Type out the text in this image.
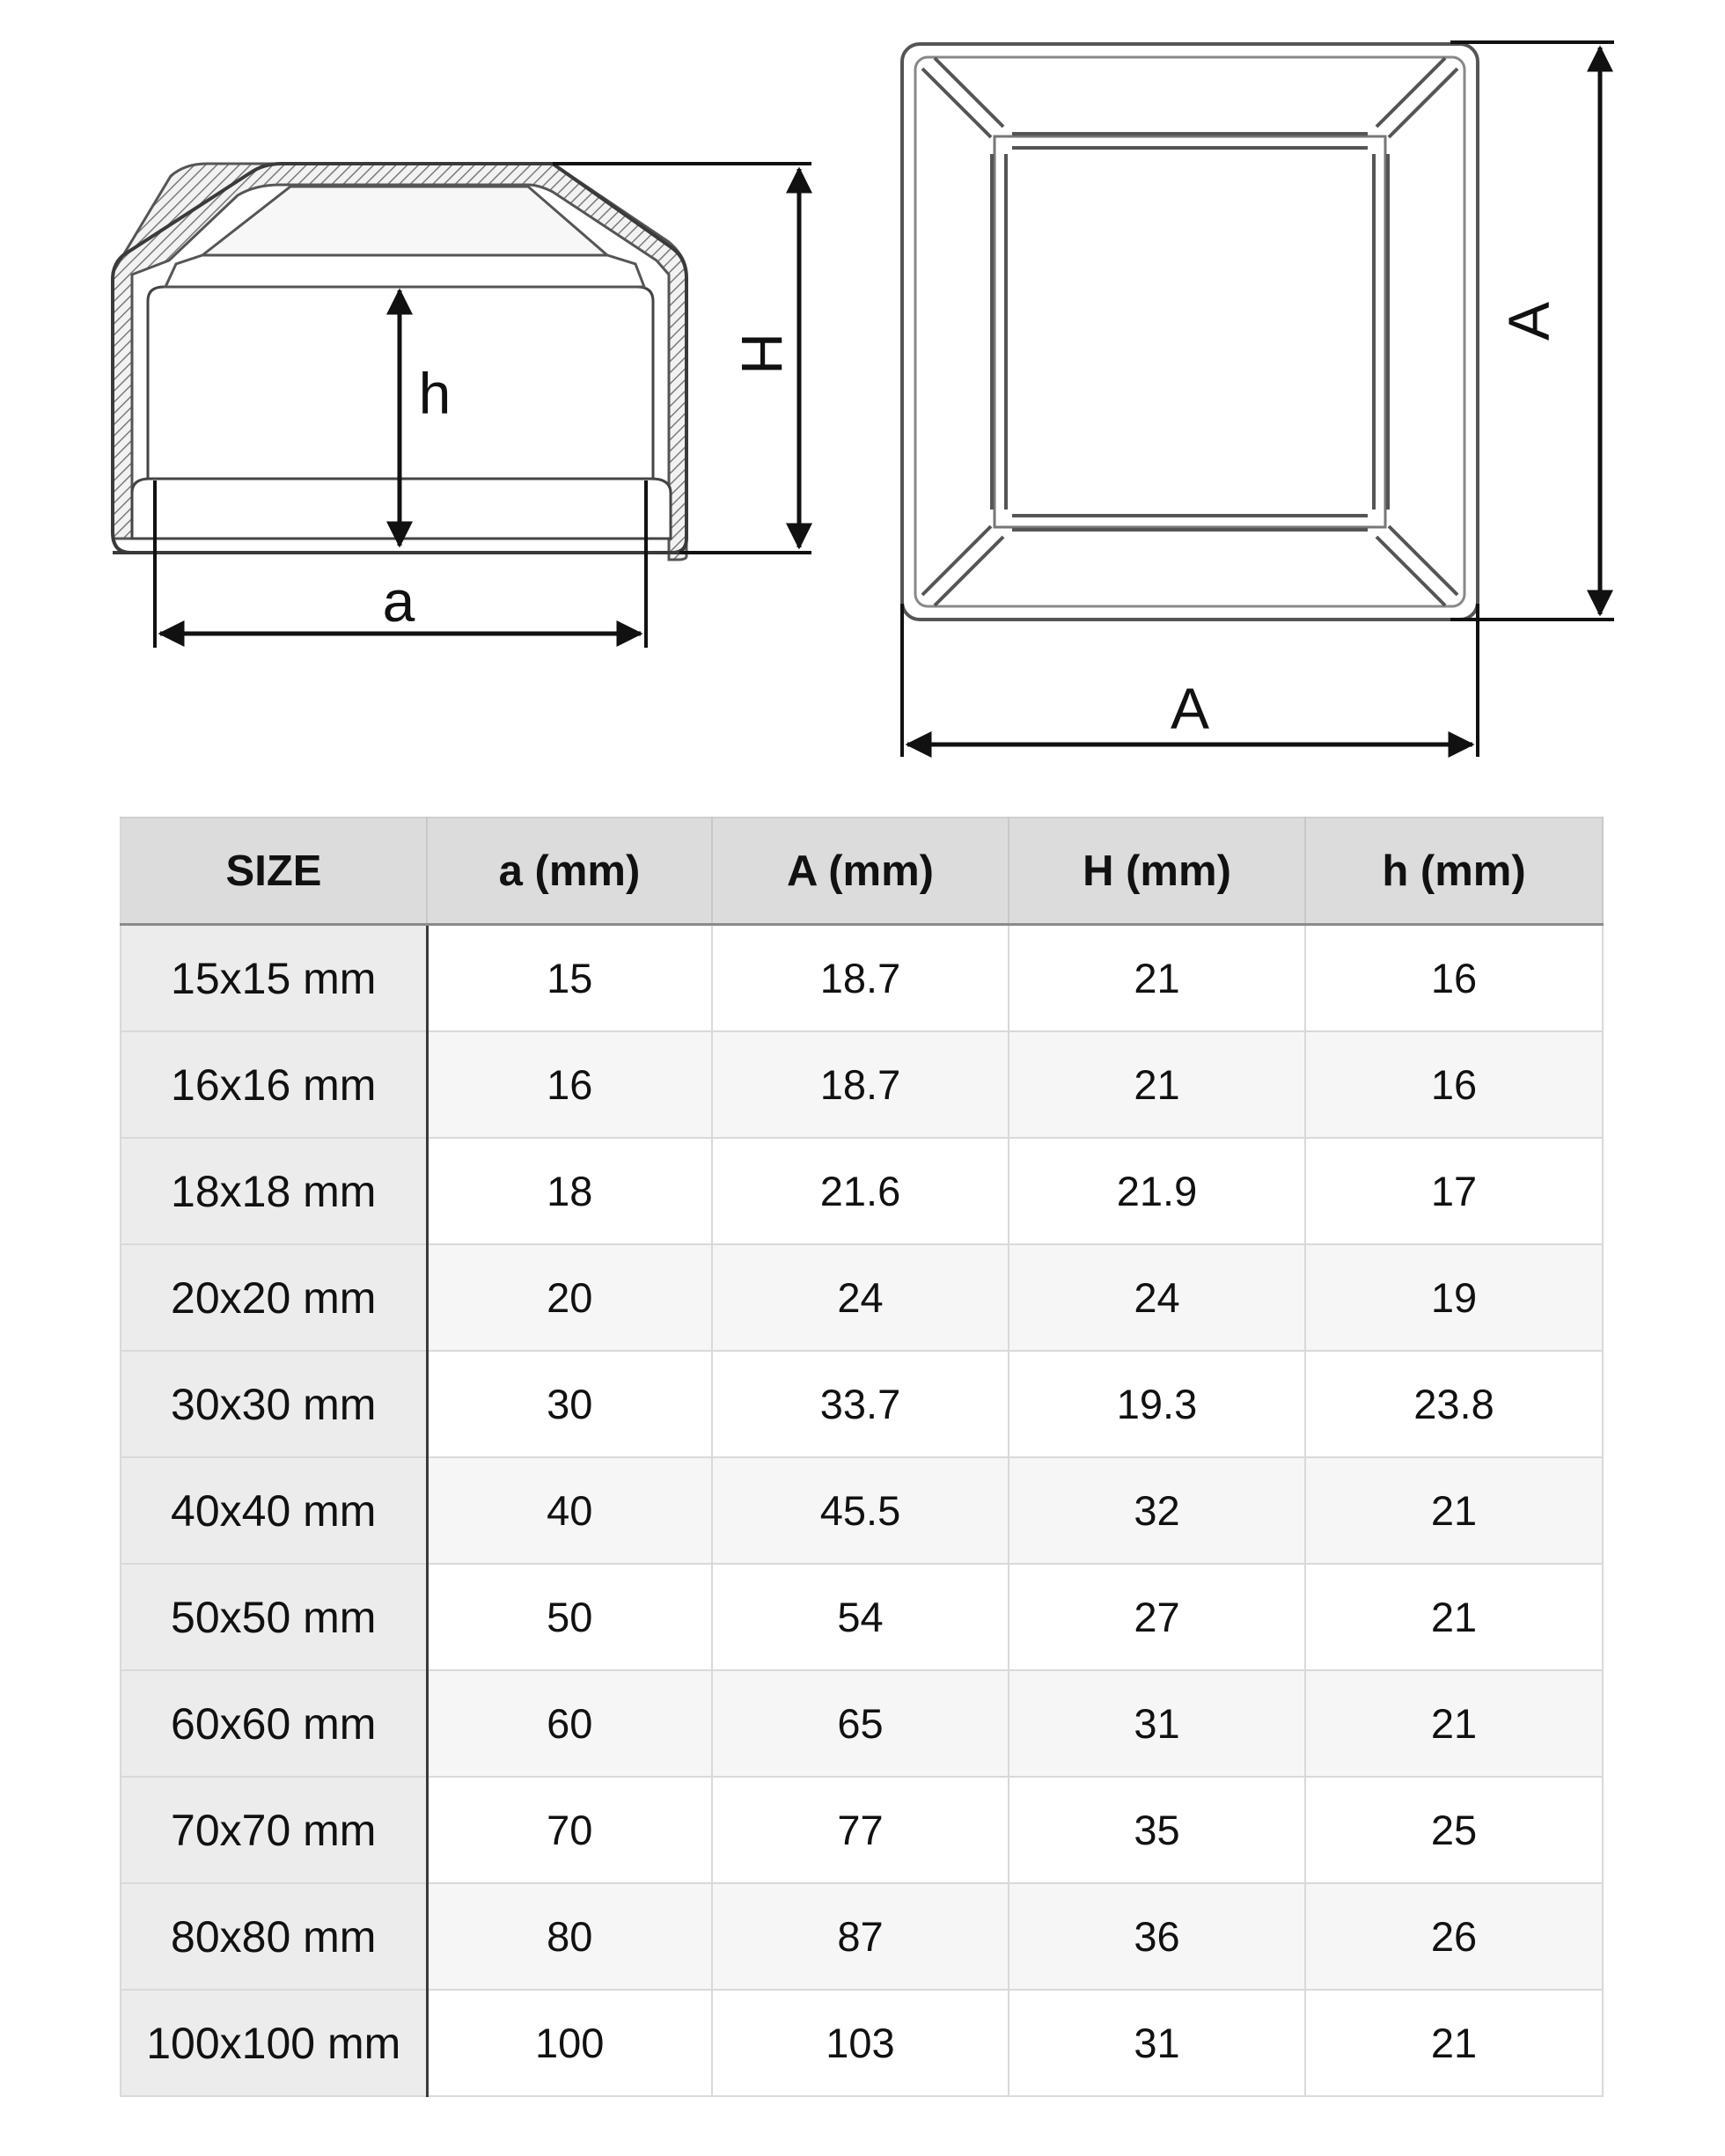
h
H
a
A
A
SIZE	a (mm)	A (mm)	H (mm)	h (mm)
15x15 mm	15	18.7	21	16
16x16 mm	16	18.7	21	16
18x18 mm	18	21.6	21.9	17
20x20 mm	20	24	24	19
30x30 mm	30	33.7	19.3	23.8
40x40 mm	40	45.5	32	21
50x50 mm	50	54	27	21
60x60 mm	60	65	31	21
70x70 mm	70	77	35	25
80x80 mm	80	87	36	26
100x100 mm	100	103	31	21
